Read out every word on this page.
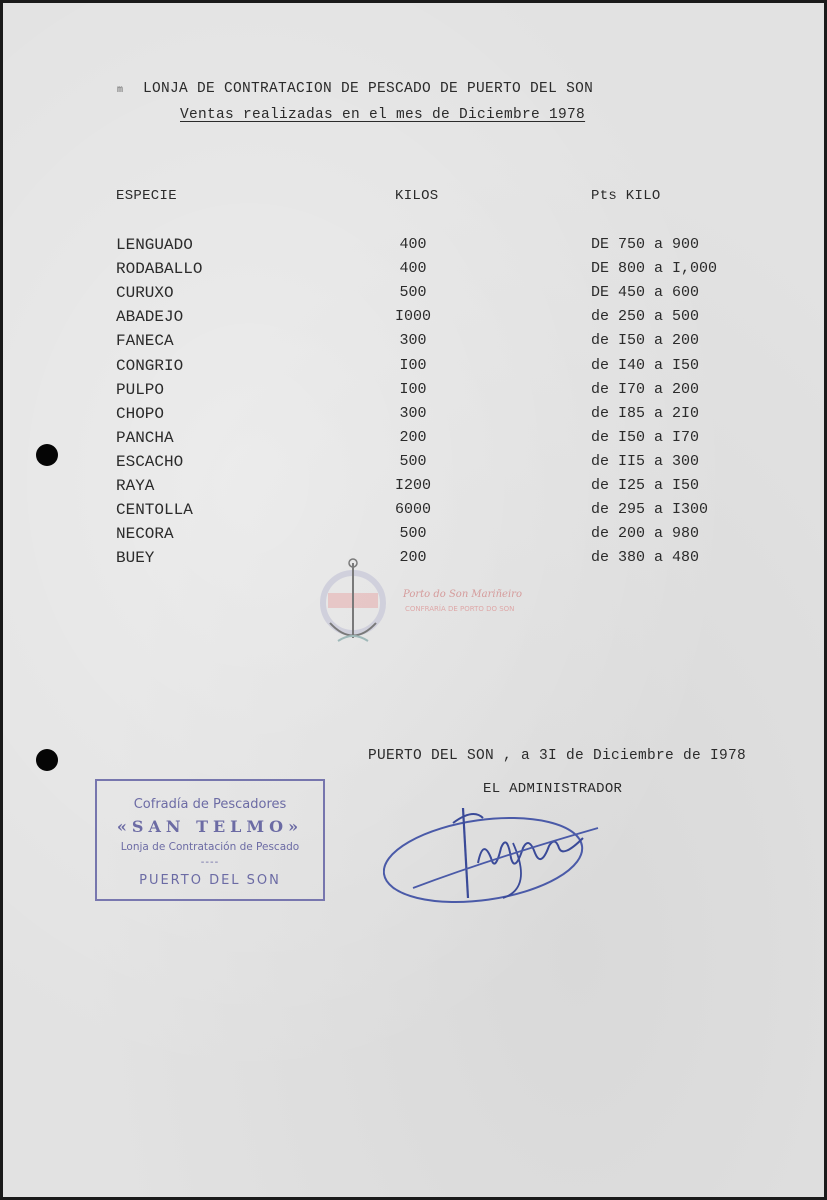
m LONJA DE CONTRATACION DE PESCADO DE PUERTO DEL SON
Ventas realizadas en el mes de Diciembre 1978
ESPECIE	KILOS	Pts KILO
LENGUADO	400	DE 750 a 900
RODABALLO	400	DE 800 a I,000
CURUXO	500	DE 450 a 600
ABADEJO	I000	de 250 a 500
FANECA	300	de I50 a 200
CONGRIO	I00	de I40 a I50
PULPO	I00	de I70 a 200
CHOPO	300	de I85 a 2I0
PANCHA	200	de I50 a I70
ESCACHO	500	de II5 a 300
RAYA	I200	de I25 a I50
CENTOLLA	6000	de 295 a I300
NECORA	500	de 200 a 980
BUEY	200	de 380 a 480
Porto do Son Mariñeiro
CONFRARÍA DE PORTO DO SON
Cofradía de Pescadores
«SAN TELMO»
Lonja de Contratación de Pescado
----
PUERTO DEL SON
PUERTO DEL SON , a 3I de Diciembre de I978
EL ADMINISTRADOR
